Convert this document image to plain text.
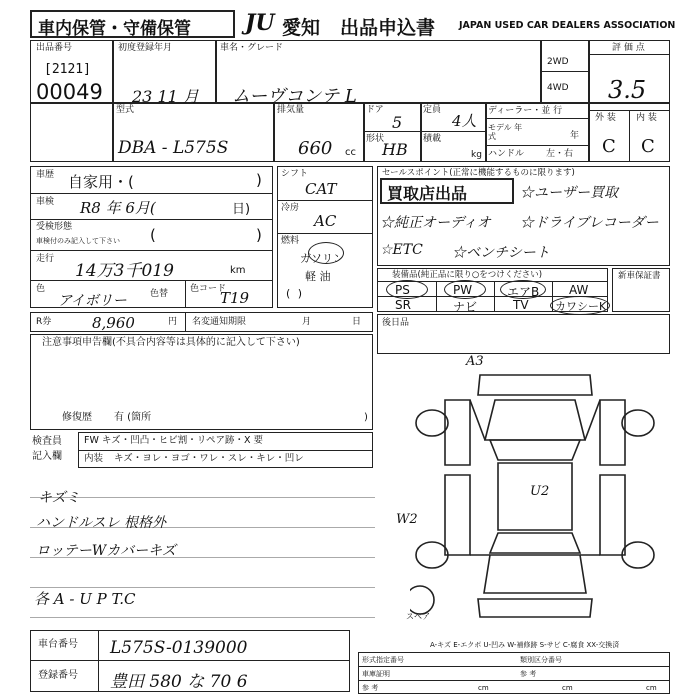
車内保管・守備保管 JU 愛知 出品申込書	JAPAN USED CAR DEALERS ASSOCIATION
出品番号
[2121]
00049
初度登録年月
23 11 月
車名・グレード
ムーヴコンテ L
2WD
4WD
評 価 点
3.5
型式
DBA - L575S
排気量
660 cc
ドア
5
形状
HB
定員
4人
積載
kg
ディーラー・並 行
モデル 年式	年
ハンドル 左・右
外 装 内 装
C C
車歴 自家用・(	)
車検 R8 年 6月(	日)
受検形態
車検付のみ記入して下さい (	)
走行
14万3千019	km
色
アイボリー	色替 色コード
T19
R券	8,960	円 名変通知期限	月	日
シフト
CAT
冷房
AC
燃料
ガソリン
軽 油
( )
セールスポイント(正常に機能するものに限ります)
買取店出品	☆ユーザー買取
☆純正オーディオ ☆ドライブレコーダー
☆ETC ☆ベンチシート
装備品(純正品に限り○をつけください)
PS	PW	エアB AW
SR	ナビ	TV カワシーK
新車保証書
後日品
注意事項申告欄(不具合内容等は具体的に記入して下さい)
修復歴 有 (箇所	)
検査員
記入欄
FW キズ・凹凸・ヒビ割・リペア跡・X 要
内装 キズ・ヨレ・ヨゴ・ワレ・スレ・キレ・凹レ
キズミ
ハンドルスレ 根格外
ロッテーWカバーキズ
各 A - U P T.C
A3
U2
W2
スペア
A-キズ E-エクボ U-凹み W-補修跡 S-サビ C-腐食 XX-交換済
車台番号 L575S-0139000
登録番号 豊田 580 な 70 6
形式指定番号	類別区分番号
車庫証明	参 考
参 考	cm	cm	cm
